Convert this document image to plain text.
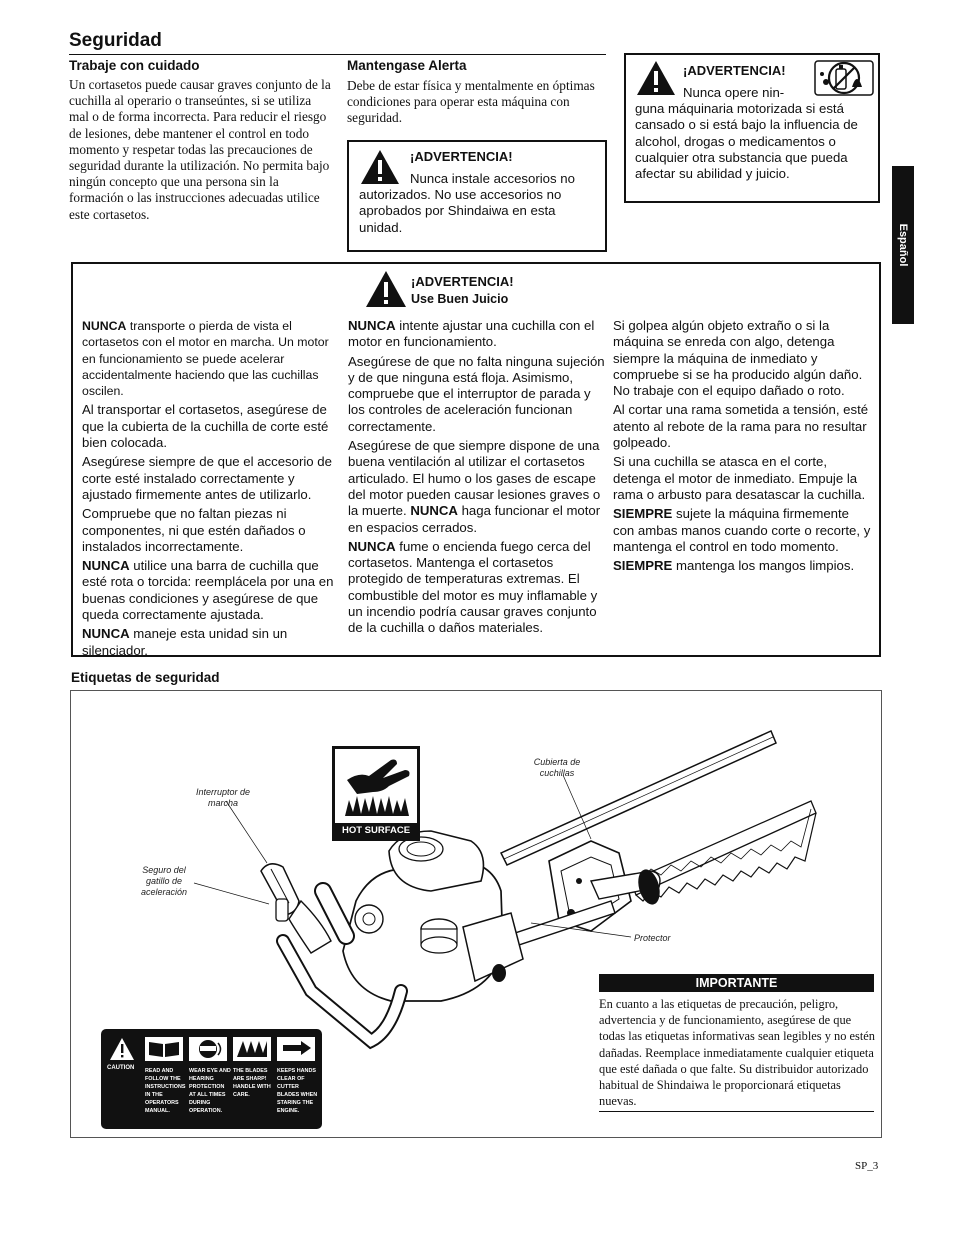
Seguridad
Español
Trabaje con cuidado

Un cortasetos puede causar graves conjunto de la cuchilla al operario o transeúntes, si se utiliza mal o de forma incorrecta. Para reducir el riesgo de lesiones, debe mantener el control en todo momento y respetar todas las precauciones de seguridad durante la utilización. No permita bajo ningún concepto que una persona sin la formación o las instrucciones adecuadas utilice este cortasetos.

Mantengase Alerta

Debe de estar física y mentalmente en óptimas condiciones para operar esta máquina con seguridad.

¡ADVERTENCIA!
Nunca instale accesorios no
autorizados. No use accesorios no aprobados por Shindaiwa en esta unidad.
¡ADVERTENCIA!
Nunca opere nin-
guna máquinaria motorizada si está cansado o si está bajo la influencia de alcohol, drogas o medicamentos o cualquier otra substancia que pueda afectar su abilidad y juicio.
¡ADVERTENCIA!
Use Buen Juicio

NUNCA transporte o pierda de vista el cortasetos con el motor en marcha. Un motor en funcionamiento se puede acelerar accidentalmente haciendo que las cuchillas oscilen.

Al transportar el cortasetos, asegúrese de que la cubierta de la cuchilla de corte esté bien colocada.

Asegúrese siempre de que el accesorio de corte esté instalado correctamente y ajustado firmemente antes de utilizarlo.

Compruebe que no faltan piezas ni componentes, ni que estén dañados o instalados incorrectamente.

NUNCA utilice una barra de cuchilla que esté rota o torcida: reemplácela por una en buenas condiciones y asegúrese de que queda correctamente ajustada.

NUNCA maneje esta unidad sin un silenciador.

NUNCA intente ajustar una cuchilla con el motor en funcionamiento.

Asegúrese de que no falta ninguna sujeción y de que ninguna está floja. Asimismo, compruebe que el interruptor de parada y los controles de aceleración funcionan correctamente.

Asegúrese de que siempre dispone de una buena ventilación al utilizar el cortasetos articulado. El humo o los gases de escape del motor pueden causar lesiones graves o la muerte. NUNCA haga funcionar el motor en espacios cerrados.

NUNCA fume o encienda fuego cerca del cortasetos. Mantenga el cortasetos protegido de temperaturas extremas. El combustible del motor es muy inflamable y un incendio podría causar graves conjunto de la cuchilla o daños materiales.

Si golpea algún objeto extraño o si la máquina se enreda con algo, detenga siempre la máquina de inmediato y compruebe si se ha producido algún daño. No trabaje con el equipo dañado o roto.

Al cortar una rama sometida a tensión, esté atento al rebote de la rama para no resultar golpeado.

Si una cuchilla se atasca en el corte, detenga el motor de inmediato. Empuje la rama o arbusto para desatascar la cuchilla.

SIEMPRE sujete la máquina firmemente con ambas manos cuando corte o recorte, y mantenga el control en todo momento.

SIEMPRE mantenga los mangos limpios.

Etiquetas de seguridad
HOT SURFACE
Interruptor de marcha
Seguro del gatillo de aceleración
Cubierta de cuchillas
Protector
CAUTION READ AND FOLLOW THE INSTRUCTIONS IN THE OPERATORS MANUAL.
WEAR EYE AND HEARING PROTECTION AT ALL TIMES DURING OPERATION.
THE BLADES ARE SHARP! HANDLE WITH CARE.
KEEPS HANDS CLEAR OF CUTTER BLADES WHEN STARING THE ENGINE.
IMPORTANTE

En cuanto a las etiquetas de precaución, peligro, advertencia y de funcionamiento, asegúrese de que todas las etiquetas informativas sean legibles y no estén dañadas. Reemplace inmediatamente cualquier etiqueta que esté dañada o que falte. Su distribuidor autorizado habitual de Shindaiwa le proporcionará etiquetas nuevas.

SP_3
